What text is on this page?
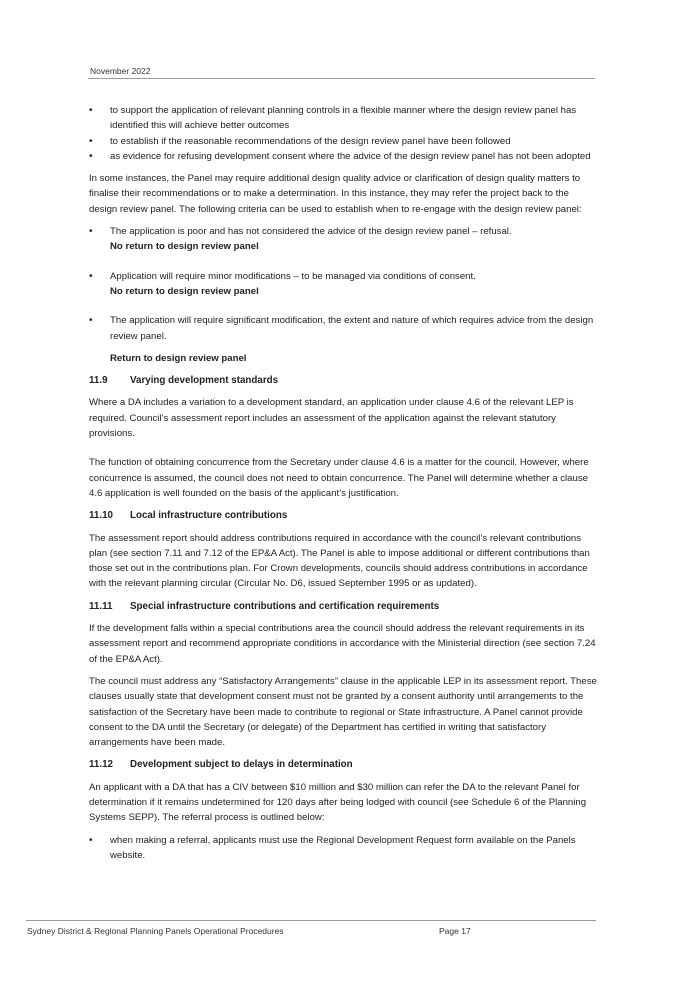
November 2022
• to support the application of relevant planning controls in a flexible manner where the design review panel has identified this will achieve better outcomes
• to establish if the reasonable recommendations of the design review panel have been followed
• as evidence for refusing development consent where the advice of the design review panel has not been adopted

In some instances, the Panel may require additional design quality advice or clarification of design quality matters to finalise their recommendations or to make a determination. In this instance, they may refer the project back to the design review panel. The following criteria can be used to establish when to re-engage with the design review panel:

• The application is poor and has not considered the advice of the design review panel – refusal.
No return to design review panel
• Application will require minor modifications – to be managed via conditions of consent.
No return to design review panel
• The application will require significant modification, the extent and nature of which requires advice from the design review panel.

Return to design review panel

11.9 Varying development standards

Where a DA includes a variation to a development standard, an application under clause 4.6 of the relevant LEP is required. Council’s assessment report includes an assessment of the application against the relevant statutory provisions.

The function of obtaining concurrence from the Secretary under clause 4.6 is a matter for the council. However, where concurrence is assumed, the council does not need to obtain concurrence. The Panel will determine whether a clause 4.6 application is well founded on the basis of the applicant’s justification.

11.10 Local infrastructure contributions

The assessment report should address contributions required in accordance with the council’s relevant contributions plan (see section 7.11 and 7.12 of the EP&A Act). The Panel is able to impose additional or different contributions than those set out in the contributions plan. For Crown developments, councils should address contributions in accordance with the relevant planning circular (Circular No. D6, issued September 1995 or as updated).

11.11 Special infrastructure contributions and certification requirements

If the development falls within a special contributions area the council should address the relevant requirements in its assessment report and recommend appropriate conditions in accordance with the Ministerial direction (see section 7.24 of the EP&A Act).

The council must address any “Satisfactory Arrangements” clause in the applicable LEP in its assessment report. These clauses usually state that development consent must not be granted by a consent authority until arrangements to the satisfaction of the Secretary have been made to contribute to regional or State infrastructure. A Panel cannot provide consent to the DA until the Secretary (or delegate) of the Department has certified in writing that satisfactory arrangements have been made.

11.12 Development subject to delays in determination

An applicant with a DA that has a CIV between $10 million and $30 million can refer the DA to the relevant Panel for determination if it remains undetermined for 120 days after being lodged with council (see Schedule 6 of the Planning Systems SEPP). The referral process is outlined below:

• when making a referral, applicants must use the Regional Development Request form available on the Panels website.
Sydney District & Regional Planning Panels Operational Procedures	Page 17
